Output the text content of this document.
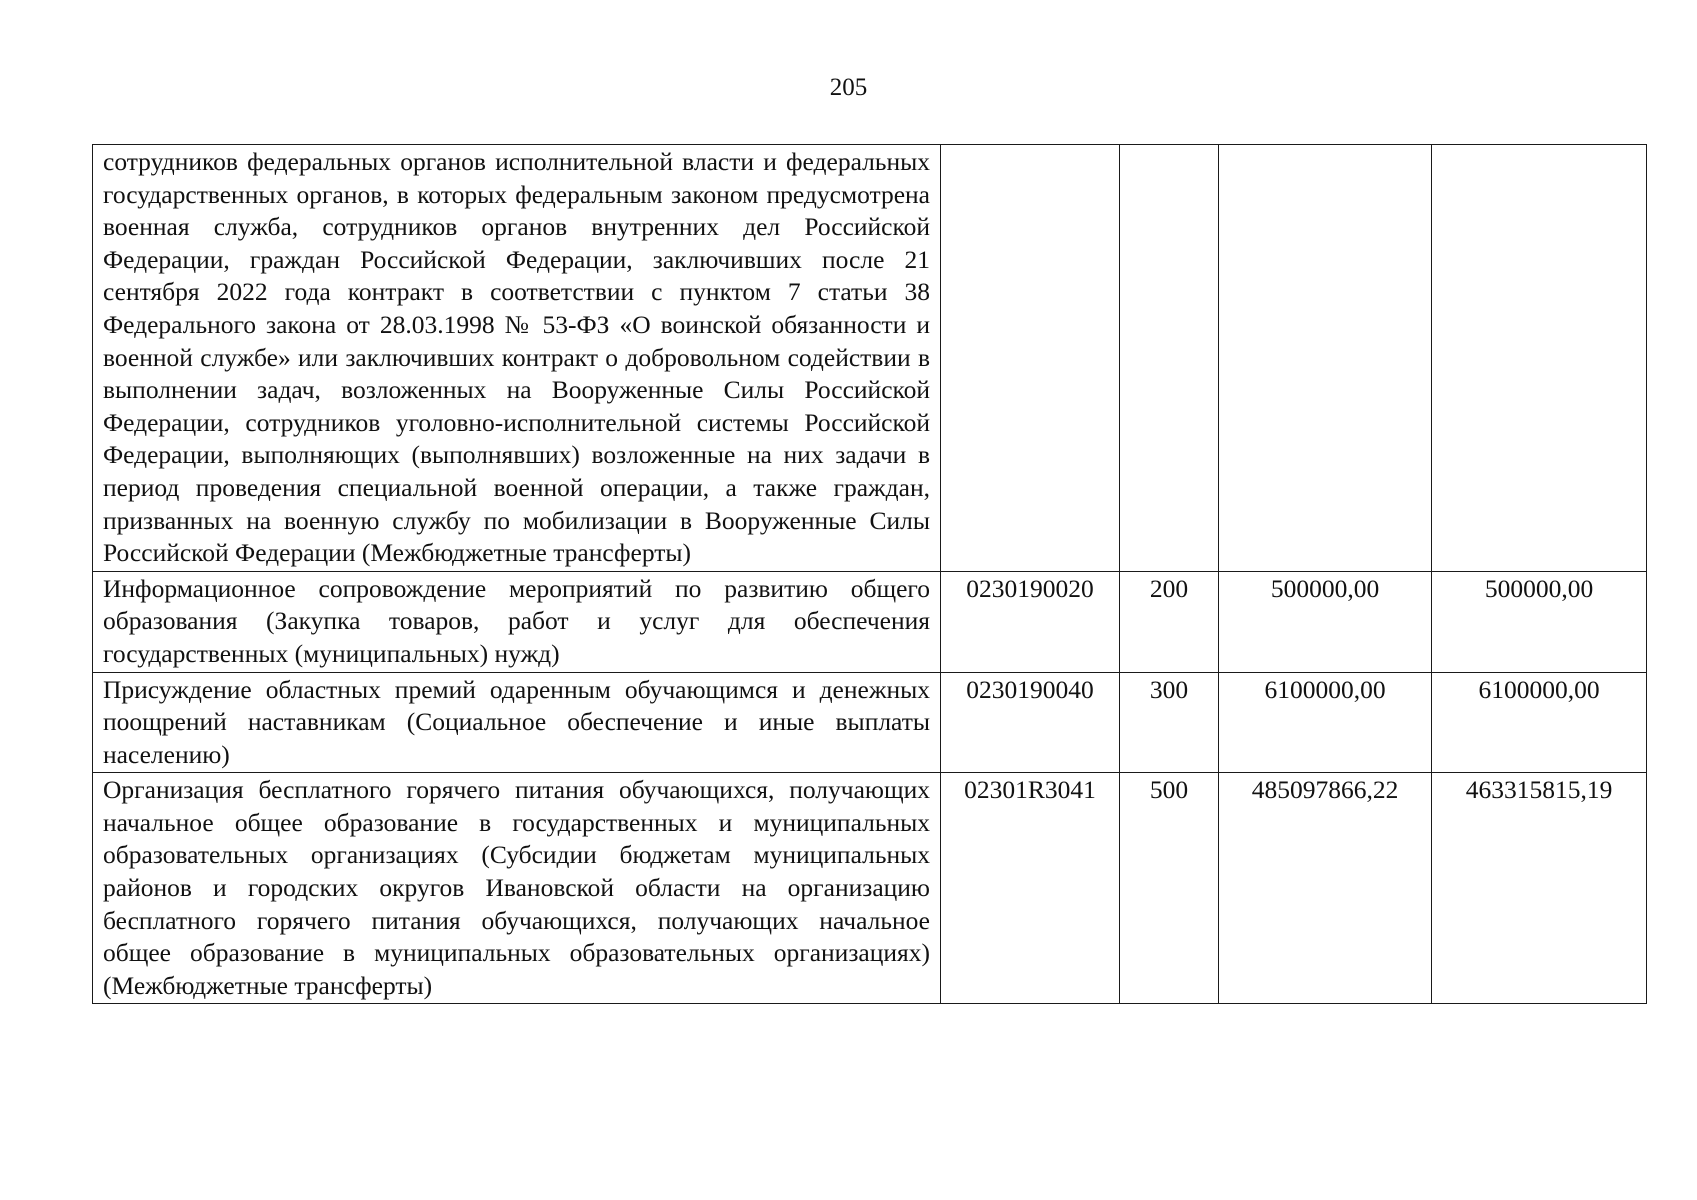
205
сотрудников федеральных органов исполнительной власти и федеральных государственных органов, в которых федеральным законом предусмотрена военная служба, сотрудников органов внутренних дел Российской Федерации, граждан Российской Федерации, заключивших после 21 сентября 2022 года контракт в соответствии с пунктом 7 статьи 38 Федерального закона от 28.03.1998 № 53-ФЗ «О воинской обязанности и военной службе» или заключивших контракт о добровольном содействии в выполнении задач, возложенных на Вооруженные Силы Российской Федерации, сотрудников уголовно-исполнительной системы Российской Федерации, выполняющих (выполнявших) возложенные на них задачи в период проведения специальной военной операции, а также граждан, призванных на военную службу по мобилизации в Вооруженные Силы Российской Федерации (Межбюджетные трансферты)				
Информационное сопровождение мероприятий по развитию общего образования (Закупка товаров, работ и услуг для обеспечения государственных (муниципальных) нужд)	0230190020	200	500000,00	500000,00
Присуждение областных премий одаренным обучающимся и денежных поощрений наставникам (Социальное обеспечение и иные выплаты населению)	0230190040	300	6100000,00	6100000,00
Организация бесплатного горячего питания обучающихся, получающих начальное общее образование в государственных и муниципальных образовательных организациях (Субсидии бюджетам муниципальных районов и городских округов Ивановской области на организацию бесплатного горячего питания обучающихся, получающих начальное общее образование в муниципальных образовательных организациях) (Межбюджетные трансферты)	02301R3041	500	485097866,22	463315815,19
